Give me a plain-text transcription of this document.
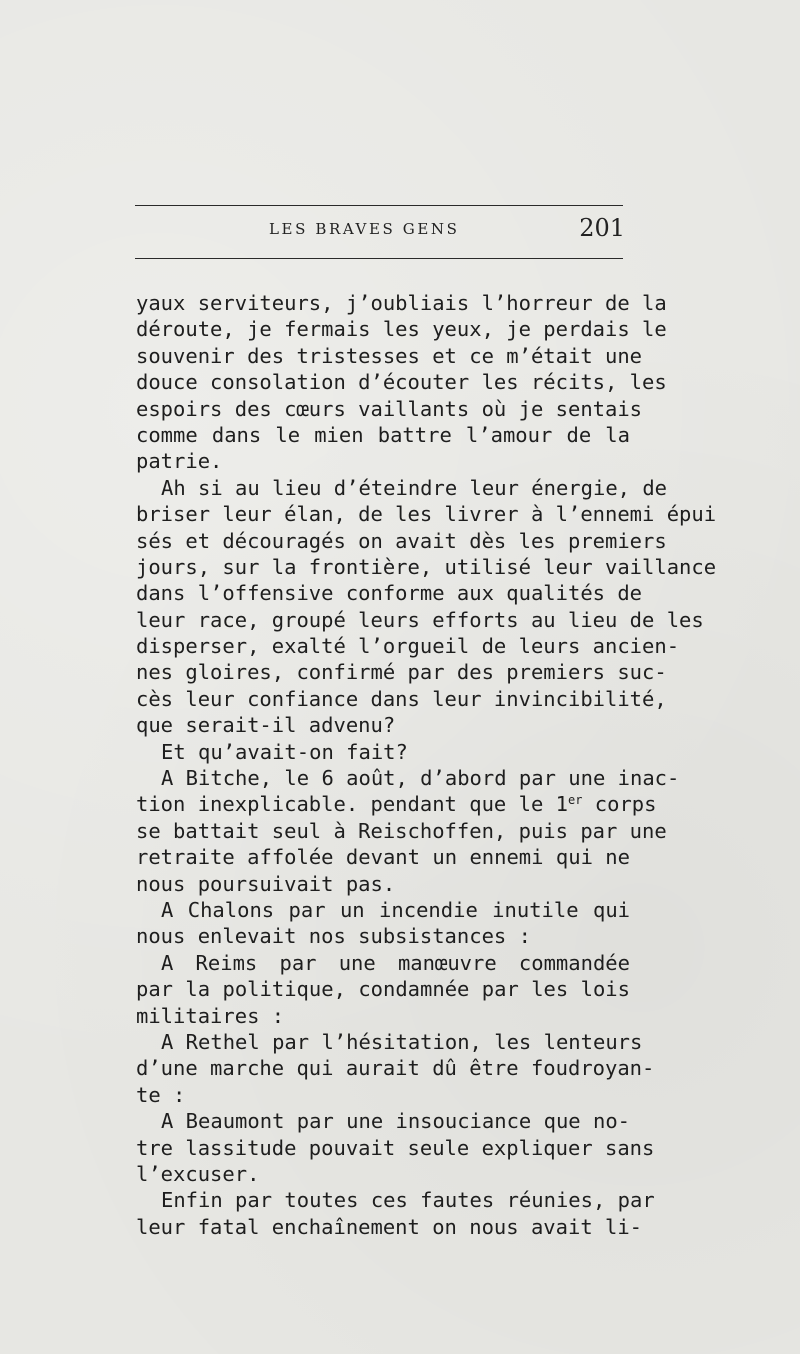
LES BRAVES GENS	201
yaux serviteurs, j’oubliais l’horreur de la
déroute, je fermais les yeux, je perdais le
souvenir des tristesses et ce m’était une
douce consolation d’écouter les récits, les
espoirs des cœurs vaillants où je sentais
comme dans le mien battre l’amour de la
patrie.
Ah si au lieu d’éteindre leur énergie, de
briser leur élan, de les livrer à l’ennemi épui
sés et découragés on avait dès les premiers
jours, sur la frontière, utilisé leur vaillance
dans l’offensive conforme aux qualités de
leur race, groupé leurs efforts au lieu de les
disperser, exalté l’orgueil de leurs ancien-
nes gloires, confirmé par des premiers suc-
cès leur confiance dans leur invincibilité,
que serait-il advenu?
Et qu’avait-on fait?
A Bitche, le 6 août, d’abord par une inac-
tion inexplicable. pendant que le 1er corps
se battait seul à Reischoffen, puis par une
retraite affolée devant un ennemi qui ne
nous poursuivait pas.
A Chalons par un incendie inutile qui
nous enlevait nos subsistances :
A Reims par une manœuvre commandée
par la politique, condamnée par les lois
militaires :
A Rethel par l’hésitation, les lenteurs
d’une marche qui aurait dû être foudroyan-
te :
A Beaumont par une insouciance que no-
tre lassitude pouvait seule expliquer sans
l’excuser.
Enfin par toutes ces fautes réunies, par
leur fatal enchaînement on nous avait li-
